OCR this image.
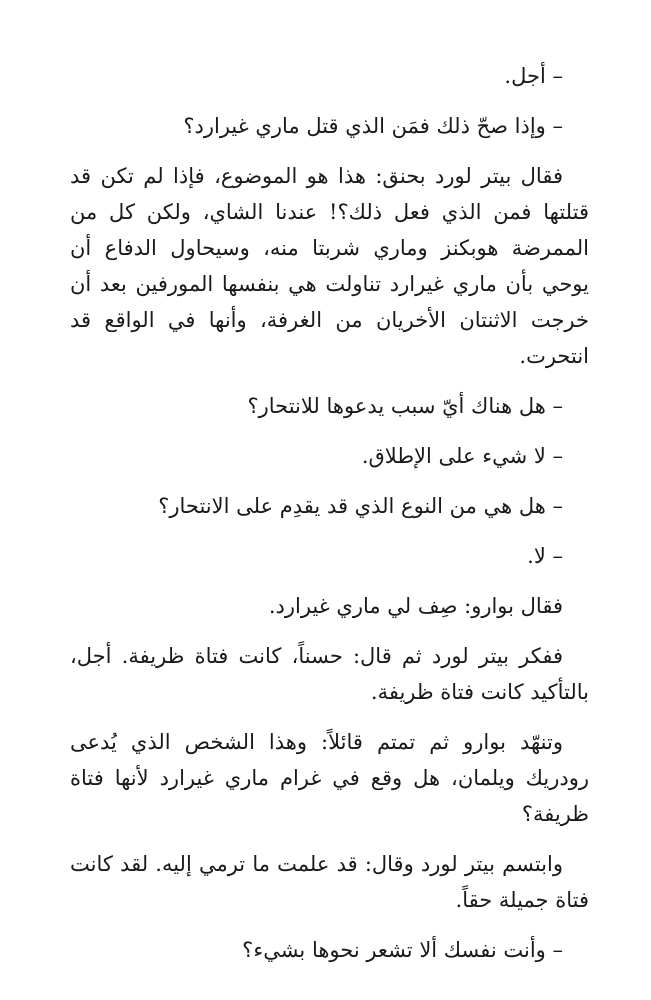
– أجل.

– وإذا صحّ ذلك فمَن الذي قتل ماري غيرارد؟

فقال بيتر لورد بحنق: هذا هو الموضوع، فإذا لم تكن قد قتلتها فمن الذي فعل ذلك؟! عندنا الشاي، ولكن كل من الممرضة هوبكنز وماري شربتا منه، وسيحاول الدفاع أن يوحي بأن ماري غيرارد تناولت هي بنفسها المورفين بعد أن خرجت الاثنتان الأخريان من الغرفة، وأنها في الواقع قد انتحرت.

– هل هناك أيّ سبب يدعوها للانتحار؟

– لا شيء على الإطلاق.

– هل هي من النوع الذي قد يقدِم على الانتحار؟

– لا.

فقال بوارو: صِف لي ماري غيرارد.

ففكر بيتر لورد ثم قال: حسناً، كانت فتاة ظريفة. أجل، بالتأكيد كانت فتاة ظريفة.

وتنهّد بوارو ثم تمتم قائلاً: وهذا الشخص الذي يُدعى رودريك ويلمان، هل وقع في غرام ماري غيرارد لأنها فتاة ظريفة؟

وابتسم بيتر لورد وقال: قد علمت ما ترمي إليه. لقد كانت فتاة جميلة حقاً.

– وأنت نفسك ألا تشعر نحوها بشيء؟
